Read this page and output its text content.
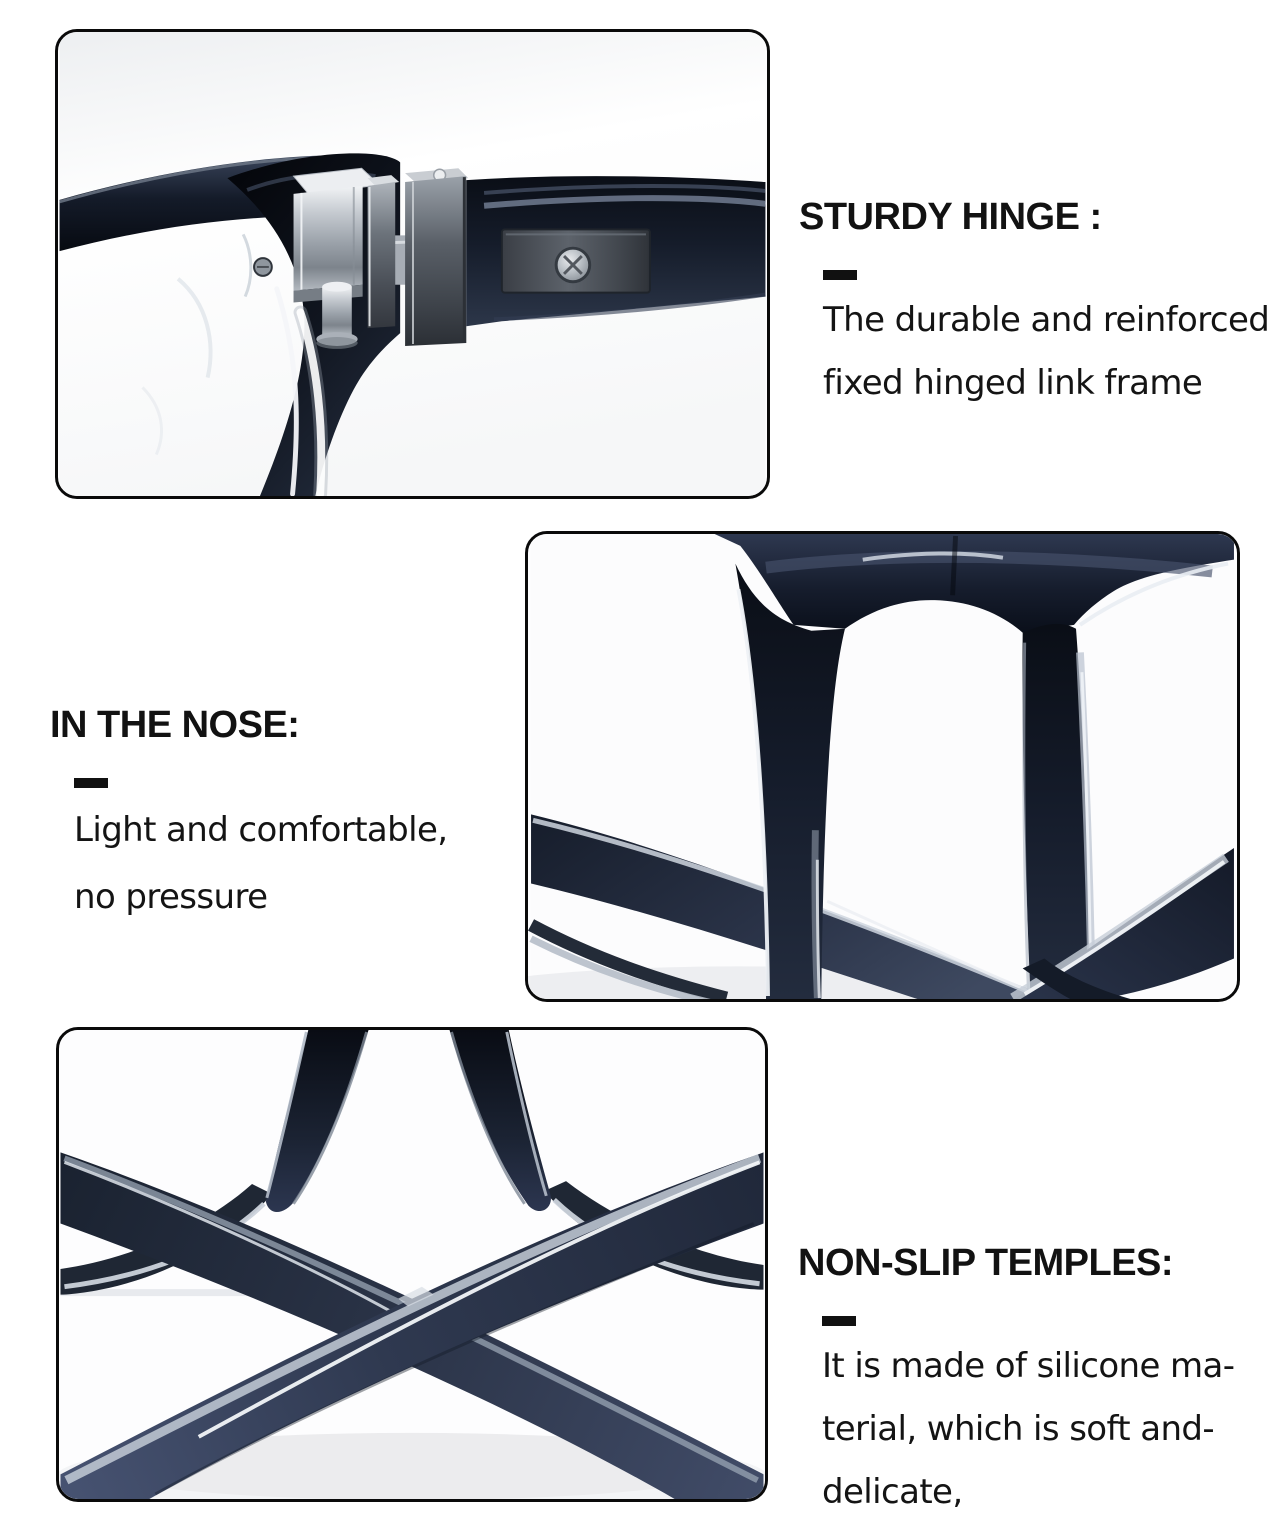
STURDY HINGE :
The durable and reinforced
fixed hinged link frame
IN THE NOSE:
Light and comfortable,
no pressure
NON-SLIP TEMPLES:
It is made of silicone ma-
terial, which is soft and-
delicate,
